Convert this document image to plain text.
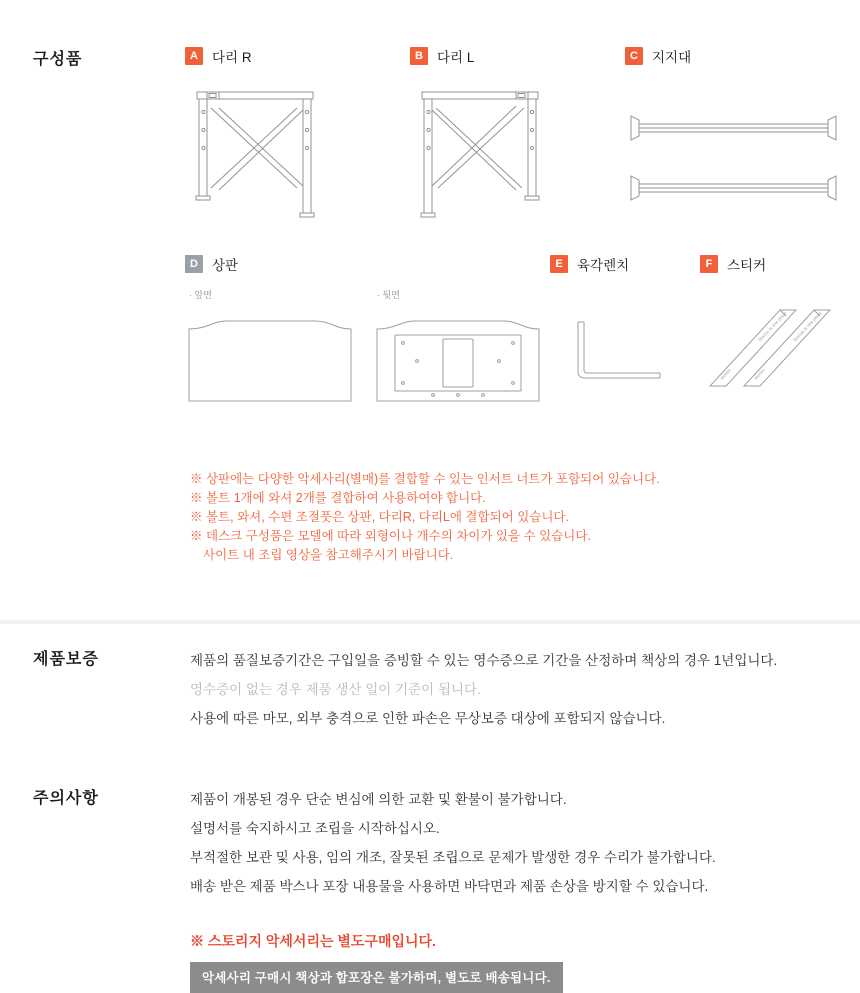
구성품	A	다리 R	B	다리 L	C	지지대
D	상판
· 앞면	· 뒷면
E	육각렌치	F	스티커
storize	storize
Storize is one place Storize is one place
※ 상판에는 다양한 악세사리(별매)를 결합할 수 있는 인서트 너트가 포함되어 있습니다.
※ 볼트 1개에 와셔 2개를 결합하여 사용하여야 합니다.
※ 볼트, 와셔, 수편 조절풋은 상판, 다리R, 다리L에 결합되어 있습니다.
※ 데스크 구성품은 모델에 따라 외형이나 개수의 차이가 있을 수 있습니다.
사이트 내 조립 영상을 참고해주시기 바랍니다.
제품보증	제품의 품질보증기간은 구입일을 증빙할 수 있는 영수증으로 기간을 산정하며 책상의 경우 1년입니다.
영수증이 없는 경우 제품 생산 일이 기준이 됩니다.
사용에 따른 마모, 외부 충격으로 인한 파손은 무상보증 대상에 포함되지 않습니다.
주의사항	제품이 개봉된 경우 단순 변심에 의한 교환 및 환불이 불가합니다.
설명서를 숙지하시고 조립을 시작하십시오.
부적절한 보관 및 사용, 임의 개조, 잘못된 조립으로 문제가 발생한 경우 수리가 불가합니다.
배송 받은 제품 박스나 포장 내용물을 사용하면 바닥면과 제품 손상을 방지할 수 있습니다.
※ 스토리지 악세서리는 별도구매입니다.
악세사리 구매시 책상과 합포장은 불가하며, 별도로 배송됩니다.
